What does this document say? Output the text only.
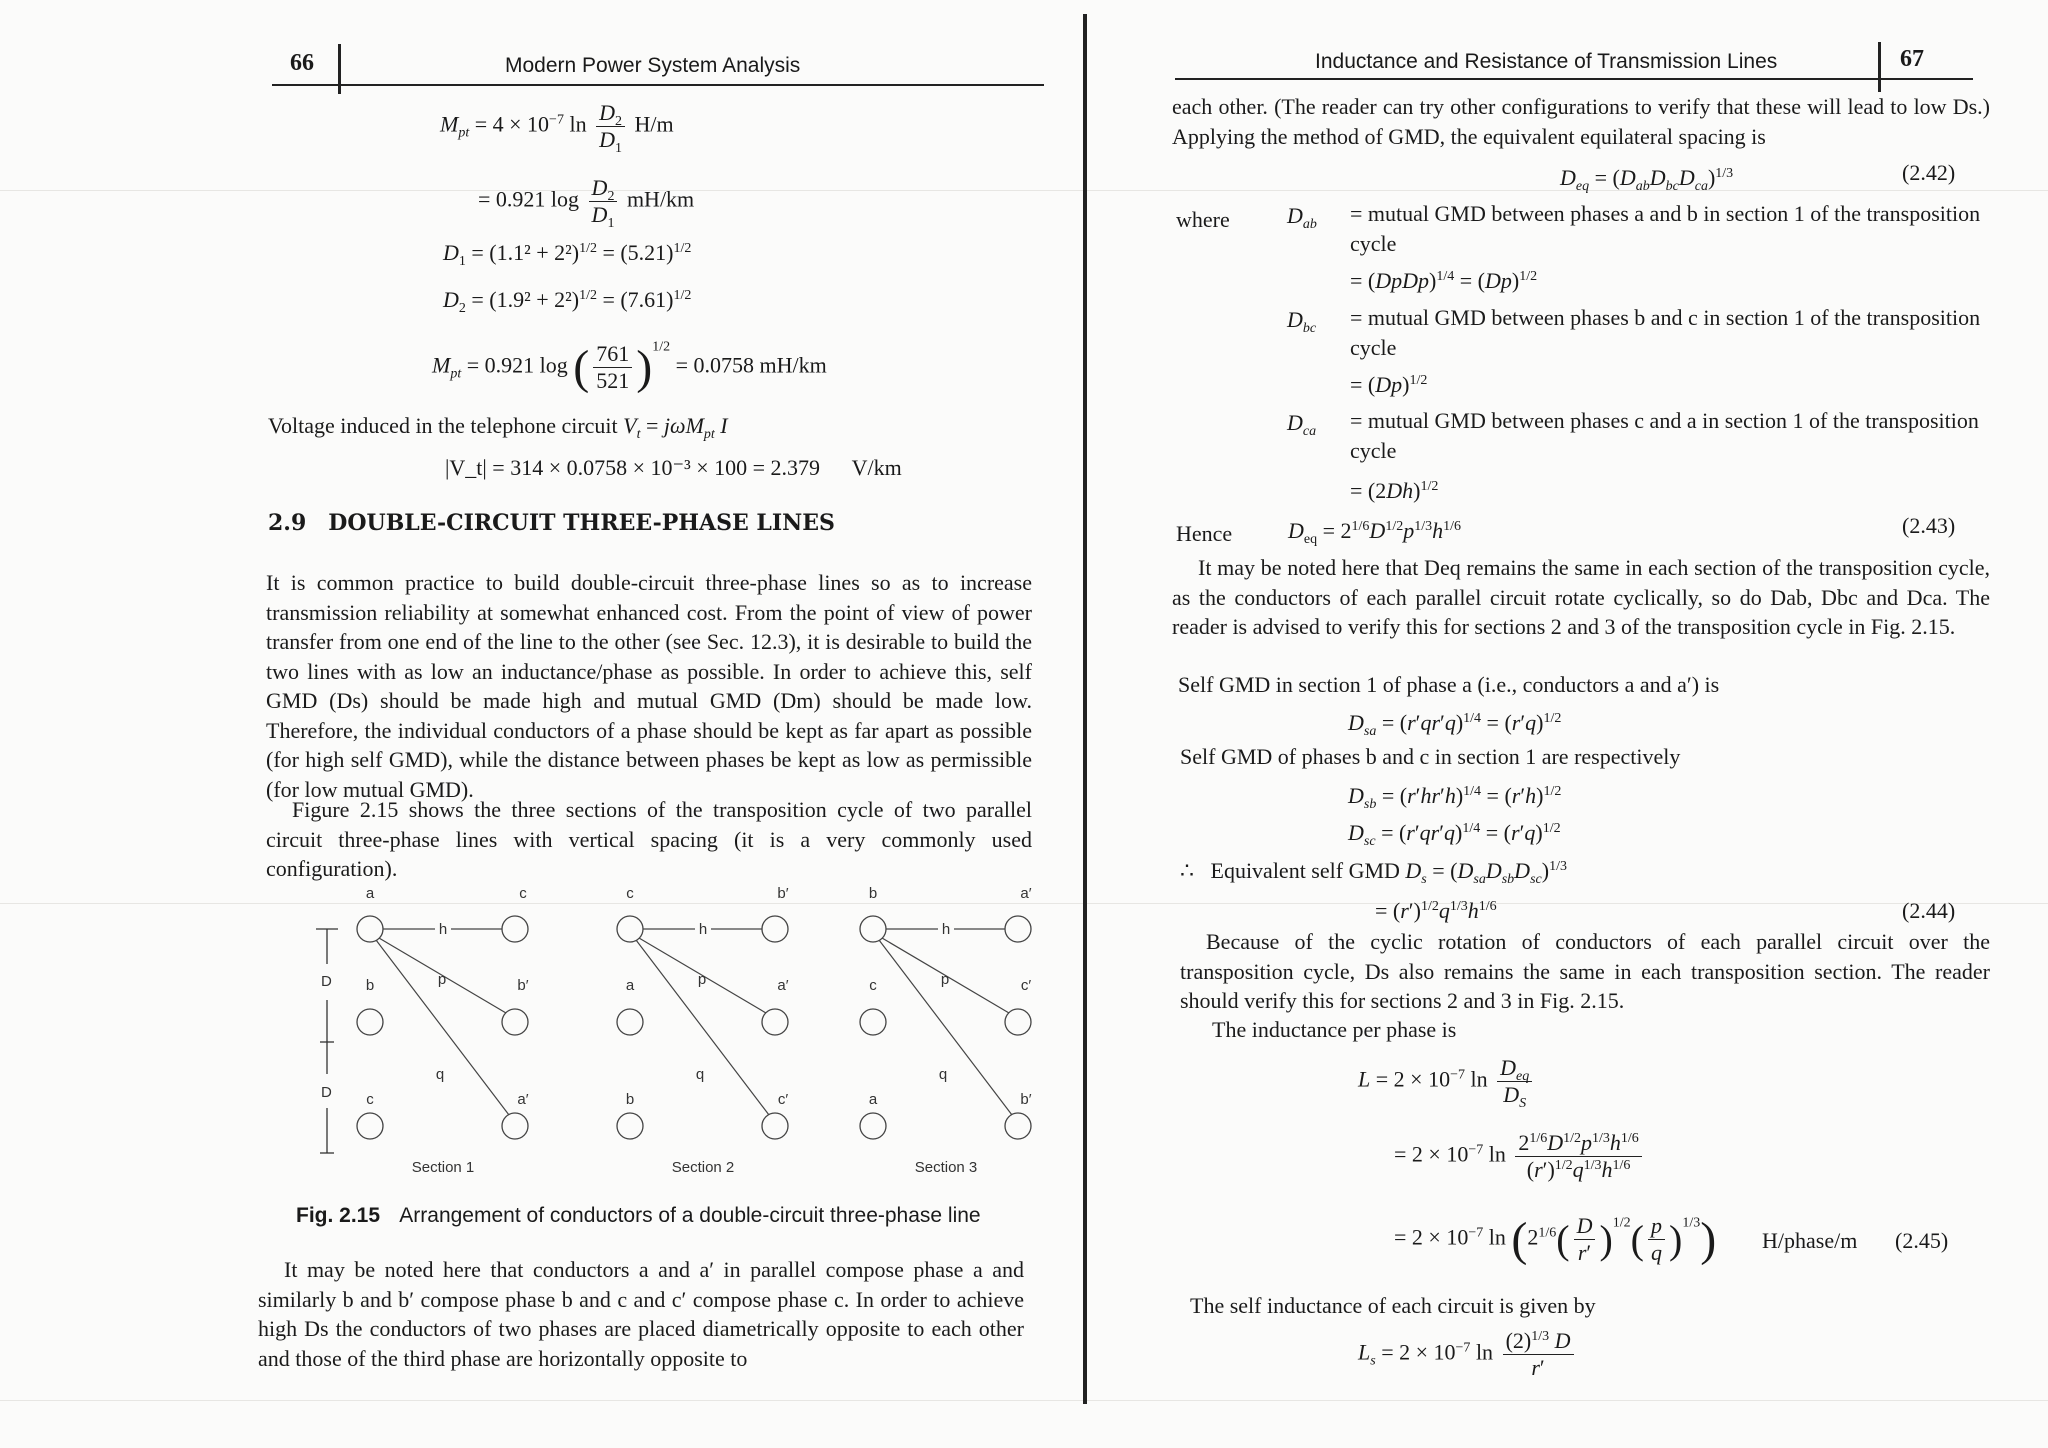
66	Modern Power System Analysis
$M_{pt} = 4 \times 10^{-7}$ $\ln \frac{D_2}{D_1} H/m$
= 0.921 $\log \frac{D_2}{D_1} mH/km$
$D_1 = (1.1^2 + 2^2)^{1/2} = (5.21)^{1/2}$
$D_2 = (1.9^2 + 2^2)^{1/2} = (7.61)^{1/2}$
$M_{pt} = 0.921$ log ( $\frac{761}{521} )^{1/2} = 0.0758$ mH/km
Voltage induced in the telephone circuit $V_t = j\omega M_{pt}$ I
|V_t| = 314 × 0.0758 × 10⁻³ × 100 = 2.379 V/km
2.9 DOUBLE-CIRCUIT THREE-PHASE LINES
It is common practice to build double-circuit three-phase lines so as to increase transmission reliability at somewhat enhanced cost. From the point of view of power transfer from one end of the line to the other (see Sec. 12.3), it is desirable to build the two lines with as low an inductance/phase as possible. In order to achieve this, self GMD (Ds) should be made high and mutual GMD (Dm) should be made low. Therefore, the individual conductors of a phase should be kept as far apart as possible (for high self GMD), while the distance between phases be kept as low as permissible (for low mutual GMD).
Figure 2.15 shows the three sections of the transposition cycle of two parallel circuit three-phase lines with vertical spacing (it is a very commonly used configuration).
h
p
q
a	c
b	b′
c	a′
Section 1
h
p
q
c	b′
a	a′
b	c′
Section 2
h
p
q
b	a′
c	c′
a	b′
Section 3
D
D
Fig. 2.15 Arrangement of conductors of a double-circuit three-phase line
It may be noted here that conductors a and a′ in parallel compose phase a and similarly b and b′ compose phase b and c and c′ compose phase c. In order to achieve high Ds the conductors of two phases are placed diametrically opposite to each other and those of the third phase are horizontally opposite to
Inductance and Resistance of Transmission Lines	67
each other. (The reader can try other configurations to verify that these will lead to low Ds.) Applying the method of GMD, the equivalent equilateral spacing is
$D_{eq} = (D_{ab}D_{bc}D_{ca})^{1/3}$	(2.42)
where	$D_{ab}$ = mutual GMD between phases a and b in section 1 of the transposition cycle
= (DpDp)$^{1/4}$ = $(Dp)^{1/2}$
$D_{bc}$ = mutual GMD between phases b and c in section 1 of the transposition cycle
= $(Dp)^{1/2}$
$D_{ca}$ = mutual GMD between phases c and a in section 1 of the transposition cycle
= $(2Dh)^{1/2}$
Hence	$D_{eq} = 2^{1/6}D^{1/2}p^{1/3}h^{1/6}$	(2.43)
It may be noted here that Deq remains the same in each section of the transposition cycle, as the conductors of each parallel circuit rotate cyclically, so do Dab, Dbc and Dca. The reader is advised to verify this for sections 2 and 3 of the transposition cycle in Fig. 2.15.
Self GMD in section 1 of phase a (i.e., conductors a and a′) is
$D_{sa} = (r'qr'q)^{1/4} = (r'q)^{1/2}$
Self GMD of phases b and c in section 1 are respectively
$D_{sb} = (r'hr'h)^{1/4} = (r'h)^{1/2}$
$D_{sc} = (r'qr'q)^{1/4} = (r'q)^{1/2}$
∴   Equivalent self GMD $D_s = (D_{sa}D_{sb}D_{sc})^{1/3}$
= $(r')^{1/2}q^{1/3}h^{1/6}$	(2.44)
Because of the cyclic rotation of conductors of each parallel circuit over the transposition cycle, Ds also remains the same in each transposition section. The reader should verify this for sections 2 and 3 in Fig. 2.15.
The inductance per phase is
$L = 2 \times 10^{-7}$ $\ln \frac{D_{eq}}{D_S}$
= $2 \times 10^{-7}$ $\ln \frac{2^{1/6}D^{1/2}p^{1/3}h^{1/6}}{(r')^{1/2}q^{1/3}h^{1/6}}$
= $2 \times 10^{-7}$ $\ln (2^{1/6}( \frac{D}{r'} )^{1/2}( \frac{p}{q} )^{1/3})$ H/phase/m (2.45)
The self inductance of each circuit is given by
$L_s = 2 \times 10^{-7}$ $\ln \frac{(2)^{1/3} D}{r'}$
